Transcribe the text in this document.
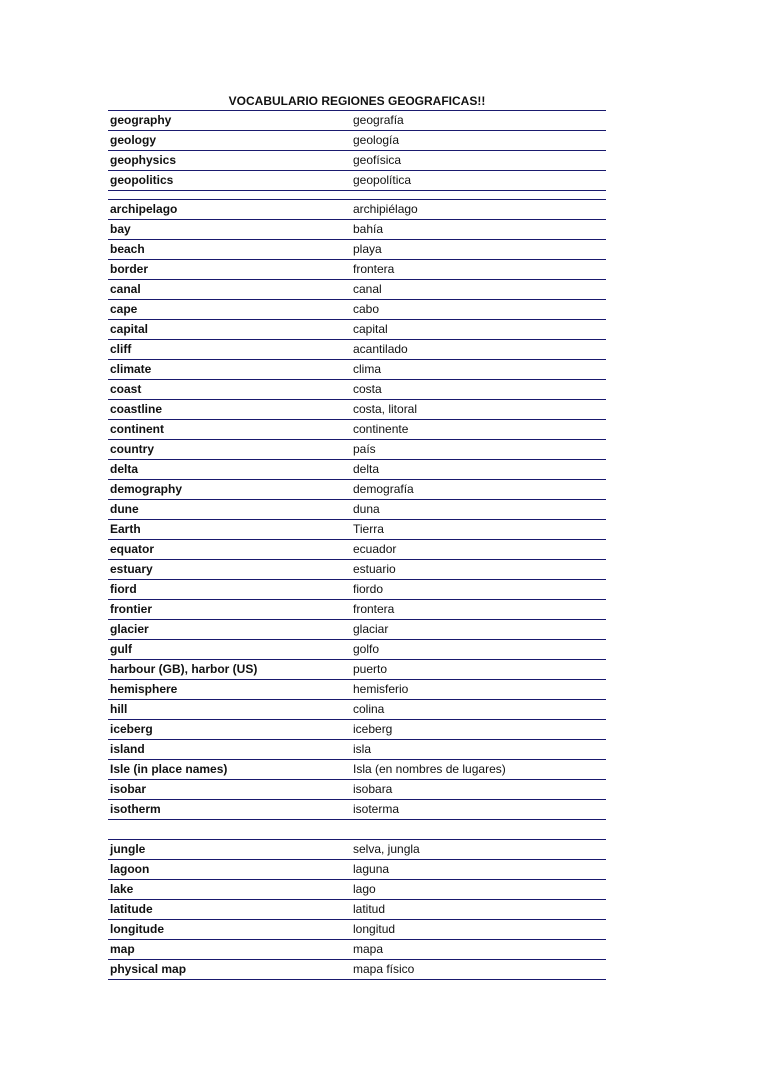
VOCABULARIO REGIONES GEOGRAFICAS!!
geography	geografía
geology	geología
geophysics	geofísica
geopolitics	geopolítica
archipelago	archipiélago
bay	bahía
beach	playa
border	frontera
canal	canal
cape	cabo
capital	capital
cliff	acantilado
climate	clima
coast	costa
coastline	costa, litoral
continent	continente
country	país
delta	delta
demography	demografía
dune	duna
Earth	Tierra
equator	ecuador
estuary	estuario
fiord	fiordo
frontier	frontera
glacier	glaciar
gulf	golfo
harbour (GB), harbor (US)	puerto
hemisphere	hemisferio
hill	colina
iceberg	iceberg
island	isla
Isle (in place names)	Isla (en nombres de lugares)
isobar	isobara
isotherm	isoterma
jungle	selva, jungla
lagoon	laguna
lake	lago
latitude	latitud
longitude	longitud
map	mapa
physical map	mapa físico
